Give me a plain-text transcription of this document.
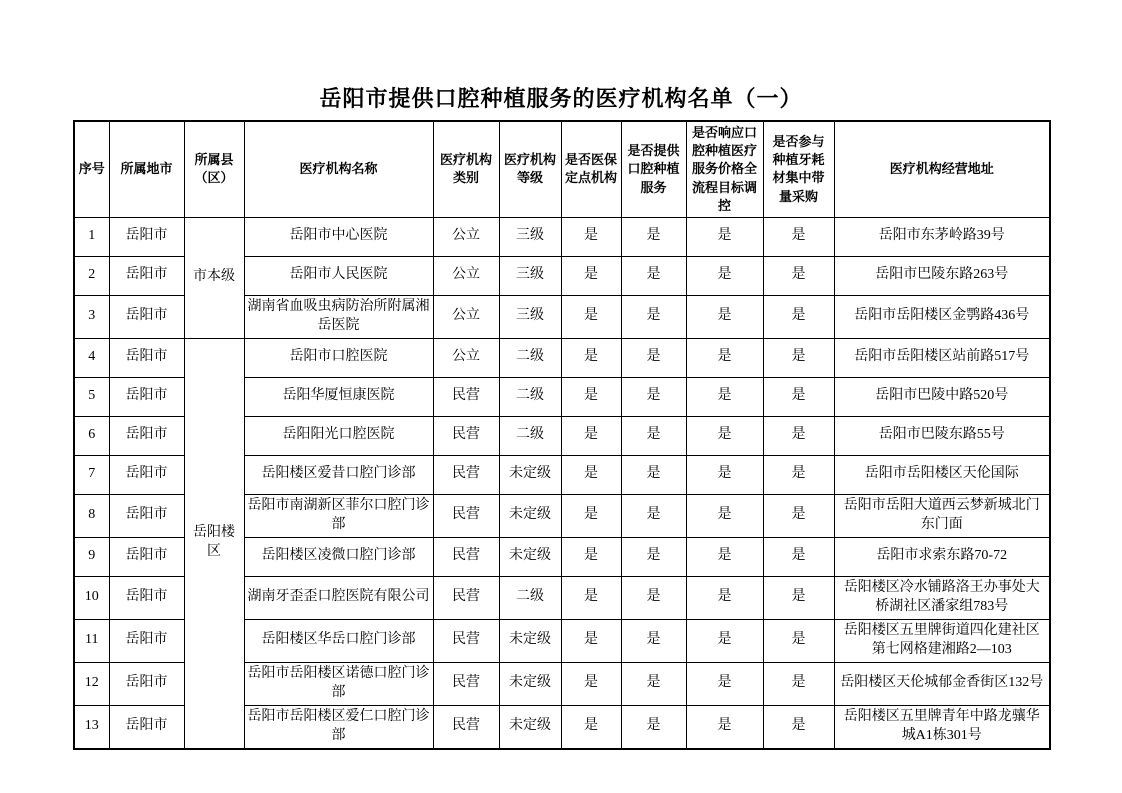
岳阳市提供口腔种植服务的医疗机构名单（一）
序号	所属地市	所属县（区）	医疗机构名称	医疗机构类别	医疗机构等级	是否医保定点机构	是否提供口腔种植服务	是否响应口腔种植医疗服务价格全流程目标调控	是否参与种植牙耗材集中带量采购	医疗机构经营地址
1	岳阳市	市本级	岳阳市中心医院	公立	三级	是	是	是	是	岳阳市东茅岭路39号
2	岳阳市		岳阳市人民医院	公立	三级	是	是	是	是	岳阳市巴陵东路263号
3	岳阳市		湖南省血吸虫病防治所附属湘岳医院	公立	三级	是	是	是	是	岳阳市岳阳楼区金鹗路436号
4	岳阳市	岳阳楼区	岳阳市口腔医院	公立	二级	是	是	是	是	岳阳市岳阳楼区站前路517号
5	岳阳市		岳阳华厦恒康医院	民营	二级	是	是	是	是	岳阳市巴陵中路520号
6	岳阳市		岳阳阳光口腔医院	民营	二级	是	是	是	是	岳阳市巴陵东路55号
7	岳阳市		岳阳楼区爱昔口腔门诊部	民营	未定级	是	是	是	是	岳阳市岳阳楼区天伦国际
8	岳阳市		岳阳市南湖新区菲尔口腔门诊部	民营	未定级	是	是	是	是	岳阳市岳阳大道西云梦新城北门东门面
9	岳阳市		岳阳楼区凌微口腔门诊部	民营	未定级	是	是	是	是	岳阳市求索东路70-72
10	岳阳市		湖南牙歪歪口腔医院有限公司	民营	二级	是	是	是	是	岳阳楼区冷水铺路洛王办事处大桥湖社区潘家组783号
11	岳阳市		岳阳楼区华岳口腔门诊部	民营	未定级	是	是	是	是	岳阳楼区五里牌街道四化建社区第七网格建湘路2—103
12	岳阳市		岳阳市岳阳楼区诺德口腔门诊部	民营	未定级	是	是	是	是	岳阳楼区天伦城郁金香街区132号
13	岳阳市		岳阳市岳阳楼区爱仁口腔门诊部	民营	未定级	是	是	是	是	岳阳楼区五里牌青年中路龙骧华城A1栋301号
